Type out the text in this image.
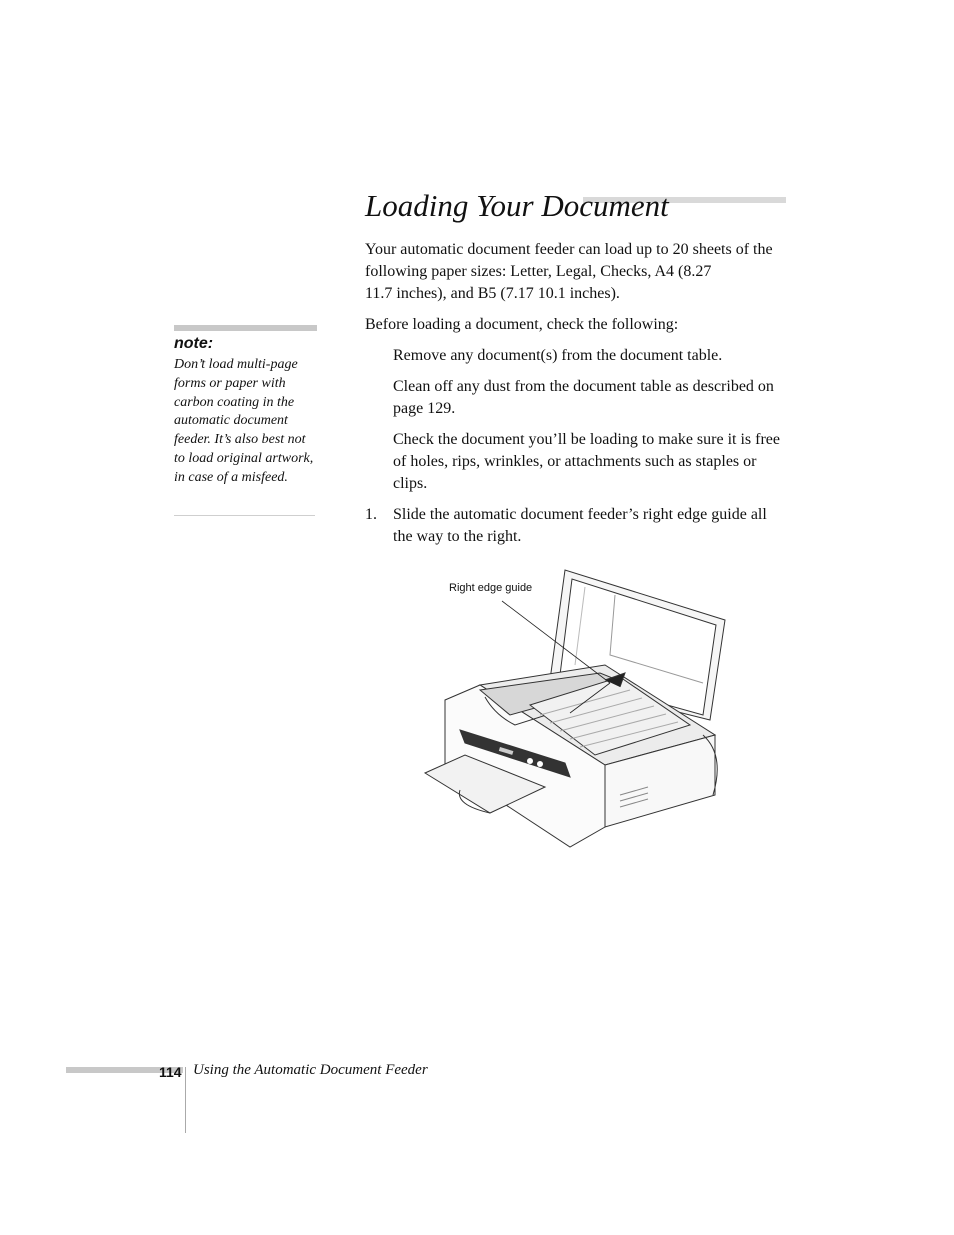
Loading Your Document

Your automatic document feeder can load up to 20 sheets of the
following paper sizes: Letter, Legal, Checks, A4 (8.27
11.7 inches), and B5 (7.17 10.1 inches).

Before loading a document, check the following:

Remove any document(s) from the document table.

Clean off any dust from the document table as described on page 129.

Check the document you’ll be loading to make sure it is free of holes, rips, wrinkles, or attachments such as staples or clips.

1. Slide the automatic document feeder’s right edge guide all the way to the right.
note:

Don’t load multi-page forms or paper with carbon coating in the automatic document feeder. It’s also best not to load original artwork, in case of a misfeed.

Right edge guide
114 Using the Automatic Document Feeder
